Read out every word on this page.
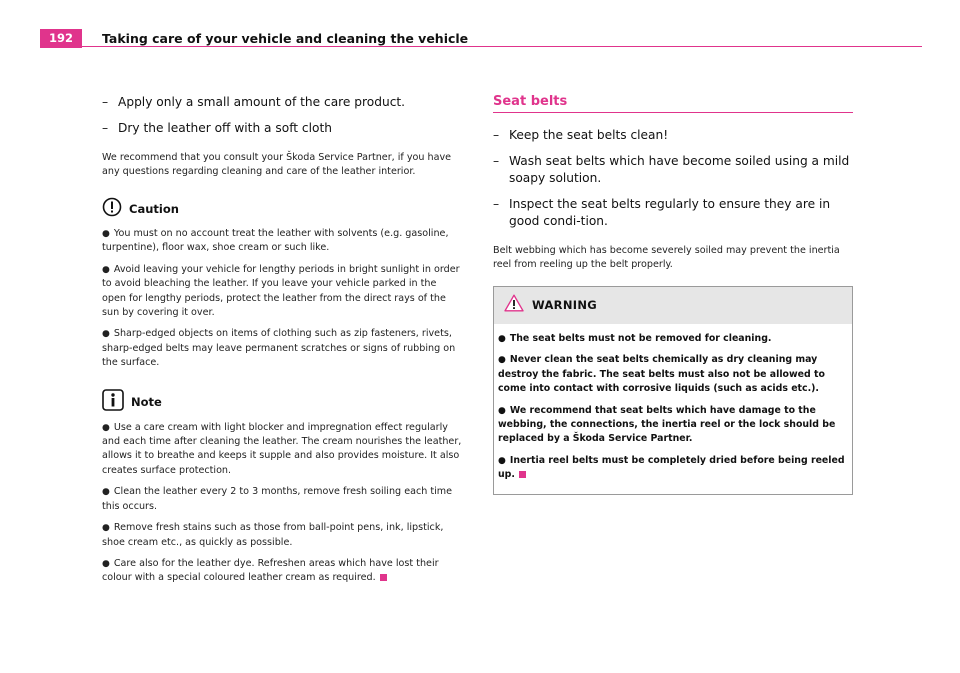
192	Taking care of your vehicle and cleaning the vehicle
– Apply only a small amount of the care product.
– Dry the leather off with a soft cloth

We recommend that you consult your Škoda Service Partner, if you have any questions regarding cleaning and care of the leather interior.

Caution
● You must on no account treat the leather with solvents (e.g. gasoline, turpentine), floor wax, shoe cream or such like.
● Avoid leaving your vehicle for lengthy periods in bright sunlight in order to avoid bleaching the leather. If you leave your vehicle parked in the open for lengthy periods, protect the leather from the direct rays of the sun by covering it over.
● Sharp-edged objects on items of clothing such as zip fasteners, rivets, sharp-edged belts may leave permanent scratches or signs of rubbing on the surface.
Note
● Use a care cream with light blocker and impregnation effect regularly and each time after cleaning the leather. The cream nourishes the leather, allows it to breathe and keeps it supple and also provides moisture. It also creates surface protection.
● Clean the leather every 2 to 3 months, remove fresh soiling each time this occurs.
● Remove fresh stains such as those from ball-point pens, ink, lipstick, shoe cream etc., as quickly as possible.
● Care also for the leather dye. Refreshen areas which have lost their colour with a special coloured leather cream as required.
Seat belts
– Keep the seat belts clean!
– Wash seat belts which have become soiled using a mild soapy solution.
– Inspect the seat belts regularly to ensure they are in good condi-tion.

Belt webbing which has become severely soiled may prevent the inertia reel from reeling up the belt properly.

WARNING
● The seat belts must not be removed for cleaning.
● Never clean the seat belts chemically as dry cleaning may destroy the fabric. The seat belts must also not be allowed to come into contact with corrosive liquids (such as acids etc.).
● We recommend that seat belts which have damage to the webbing, the connections, the inertia reel or the lock should be replaced by a Škoda Service Partner.
● Inertia reel belts must be completely dried before being reeled up.
